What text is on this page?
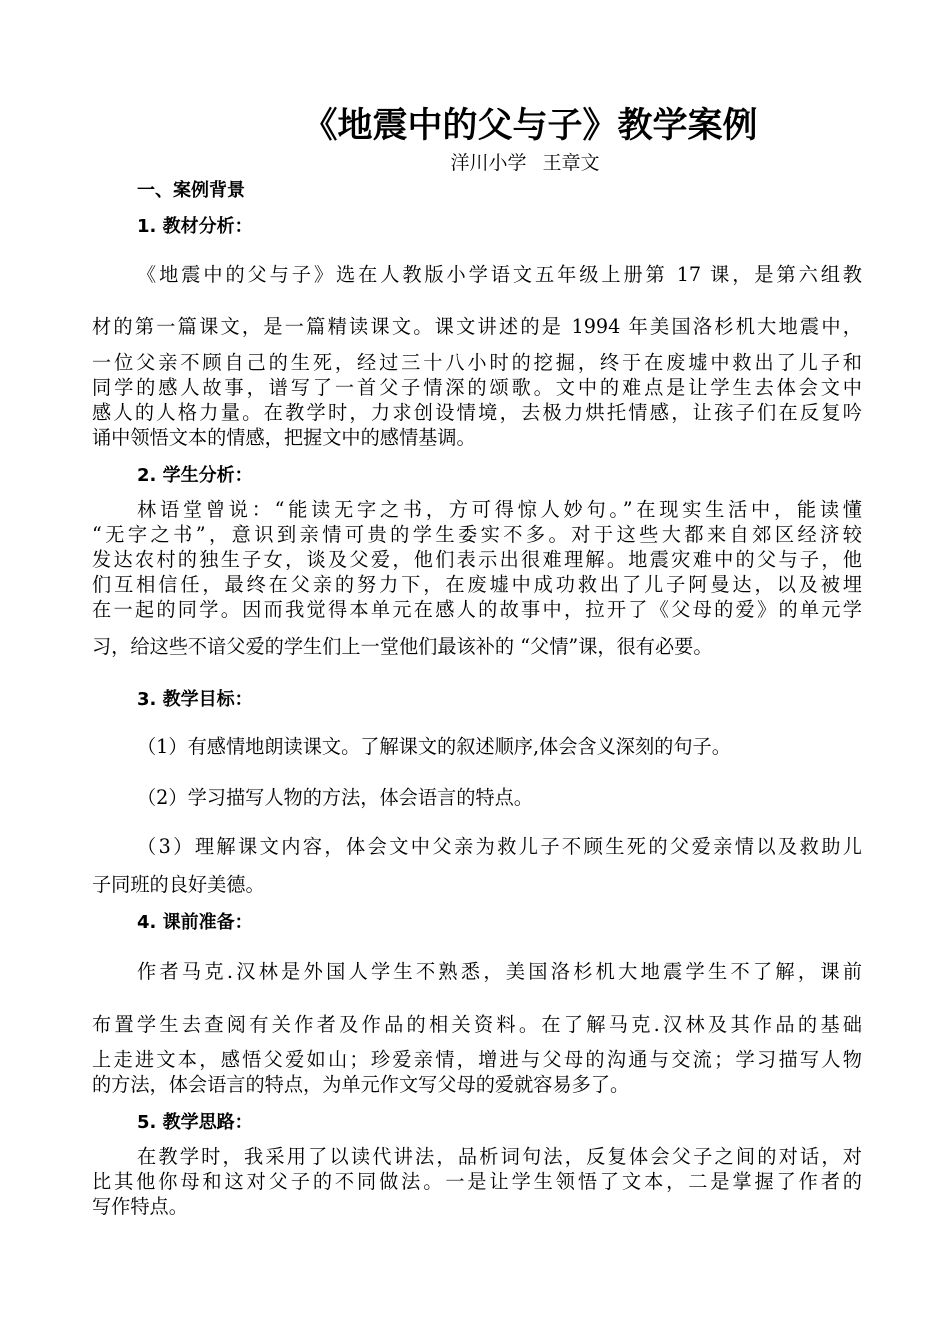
《地震中的父与子》教学案例
洋川小学 王章文
一、案例背景
1. 教材分析：
《地震中的父与子》选在人教版小学语文五年级上册第 17 课，是第六组教
材的第一篇课文，是一篇精读课文。课文讲述的是 1994 年美国洛杉机大地震中，
一位父亲不顾自己的生死，经过三十八小时的挖掘，终于在废墟中救出了儿子和
同学的感人故事，谱写了一首父子情深的颂歌。文中的难点是让学生去体会文中
感人的人格力量。在教学时，力求创设情境，去极力烘托情感，让孩子们在反复吟
诵中领悟文本的情感，把握文中的感情基调。
2. 学生分析：
林语堂曾说：“能读无字之书，方可得惊人妙句。”在现实生活中，能读懂
“无字之书”，意识到亲情可贵的学生委实不多。对于这些大都来自郊区经济较
发达农村的独生子女，谈及父爱，他们表示出很难理解。地震灾难中的父与子，他
们互相信任，最终在父亲的努力下，在废墟中成功救出了儿子阿曼达，以及被埋
在一起的同学。因而我觉得本单元在感人的故事中，拉开了《父母的爱》的单元学
习，给这些不谙父爱的学生们上一堂他们最该补的 “父情”课，很有必要。
3. 教学目标：
（1）有感情地朗读课文。了解课文的叙述顺序,体会含义深刻的句子。
（2）学习描写人物的方法，体会语言的特点。
（3）理解课文内容，体会文中父亲为救儿子不顾生死的父爱亲情以及救助儿
子同班的良好美德。
4. 课前准备：
作者马克.汉林是外国人学生不熟悉，美国洛杉机大地震学生不了解，课前
布置学生去查阅有关作者及作品的相关资料。在了解马克.汉林及其作品的基础
上走进文本，感悟父爱如山；珍爱亲情，增进与父母的沟通与交流；学习描写人物
的方法，体会语言的特点，为单元作文写父母的爱就容易多了。
5. 教学思路：
在教学时，我采用了以读代讲法，品析词句法，反复体会父子之间的对话，对
比其他你母和这对父子的不同做法。一是让学生领悟了文本，二是掌握了作者的
写作特点。
